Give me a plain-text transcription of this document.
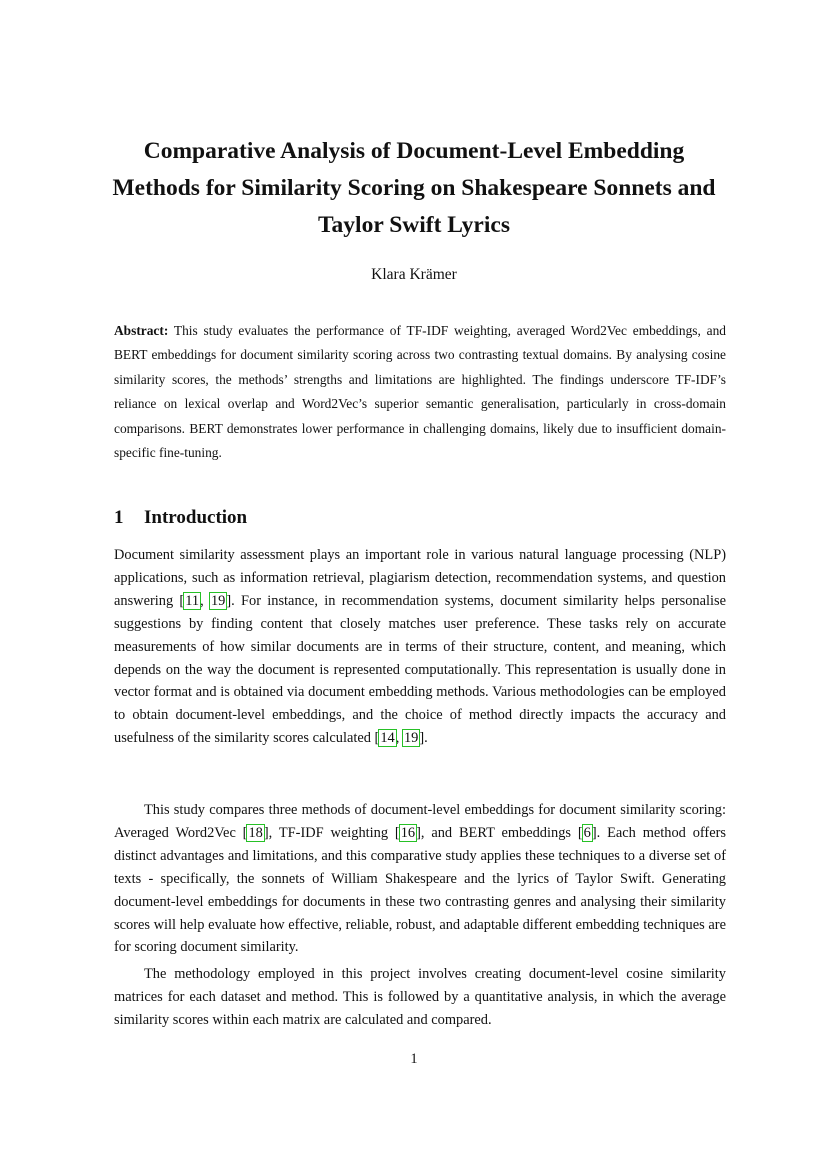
Comparative Analysis of Document-Level Embedding
Methods for Similarity Scoring on Shakespeare Sonnets and
Taylor Swift Lyrics
Klara Krämer
Abstract: This study evaluates the performance of TF-IDF weighting, averaged Word2Vec embeddings, and BERT embeddings for document similarity scoring across two contrasting textual domains. By analysing cosine similarity scores, the methods’ strengths and limitations are highlighted. The findings underscore TF-IDF’s reliance on lexical overlap and Word2Vec’s superior semantic generalisation, particularly in cross-domain comparisons. BERT demonstrates lower performance in challenging domains, likely due to insufficient domain-specific fine-tuning.
1 Introduction
Document similarity assessment plays an important role in various natural language processing (NLP) applications, such as information retrieval, plagiarism detection, recommendation systems, and question answering [11, 19]. For instance, in recommendation systems, document similarity helps personalise suggestions by finding content that closely matches user preference. These tasks rely on accurate measurements of how similar documents are in terms of their structure, content, and meaning, which depends on the way the document is represented computationally. This representation is usually done in vector format and is obtained via document embedding methods. Various methodologies can be employed to obtain document-level embeddings, and the choice of method directly impacts the accuracy and usefulness of the similarity scores calculated [14, 19].
This study compares three methods of document-level embeddings for document similarity scoring: Averaged Word2Vec [18], TF-IDF weighting [16], and BERT embeddings [6]. Each method offers distinct advantages and limitations, and this comparative study applies these techniques to a diverse set of texts - specifically, the sonnets of William Shakespeare and the lyrics of Taylor Swift. Generating document-level embeddings for documents in these two contrasting genres and analysing their similarity scores will help evaluate how effective, reliable, robust, and adaptable different embedding techniques are for scoring document similarity.
The methodology employed in this project involves creating document-level cosine similarity matrices for each dataset and method. This is followed by a quantitative analysis, in which the average similarity scores within each matrix are calculated and compared.
1
